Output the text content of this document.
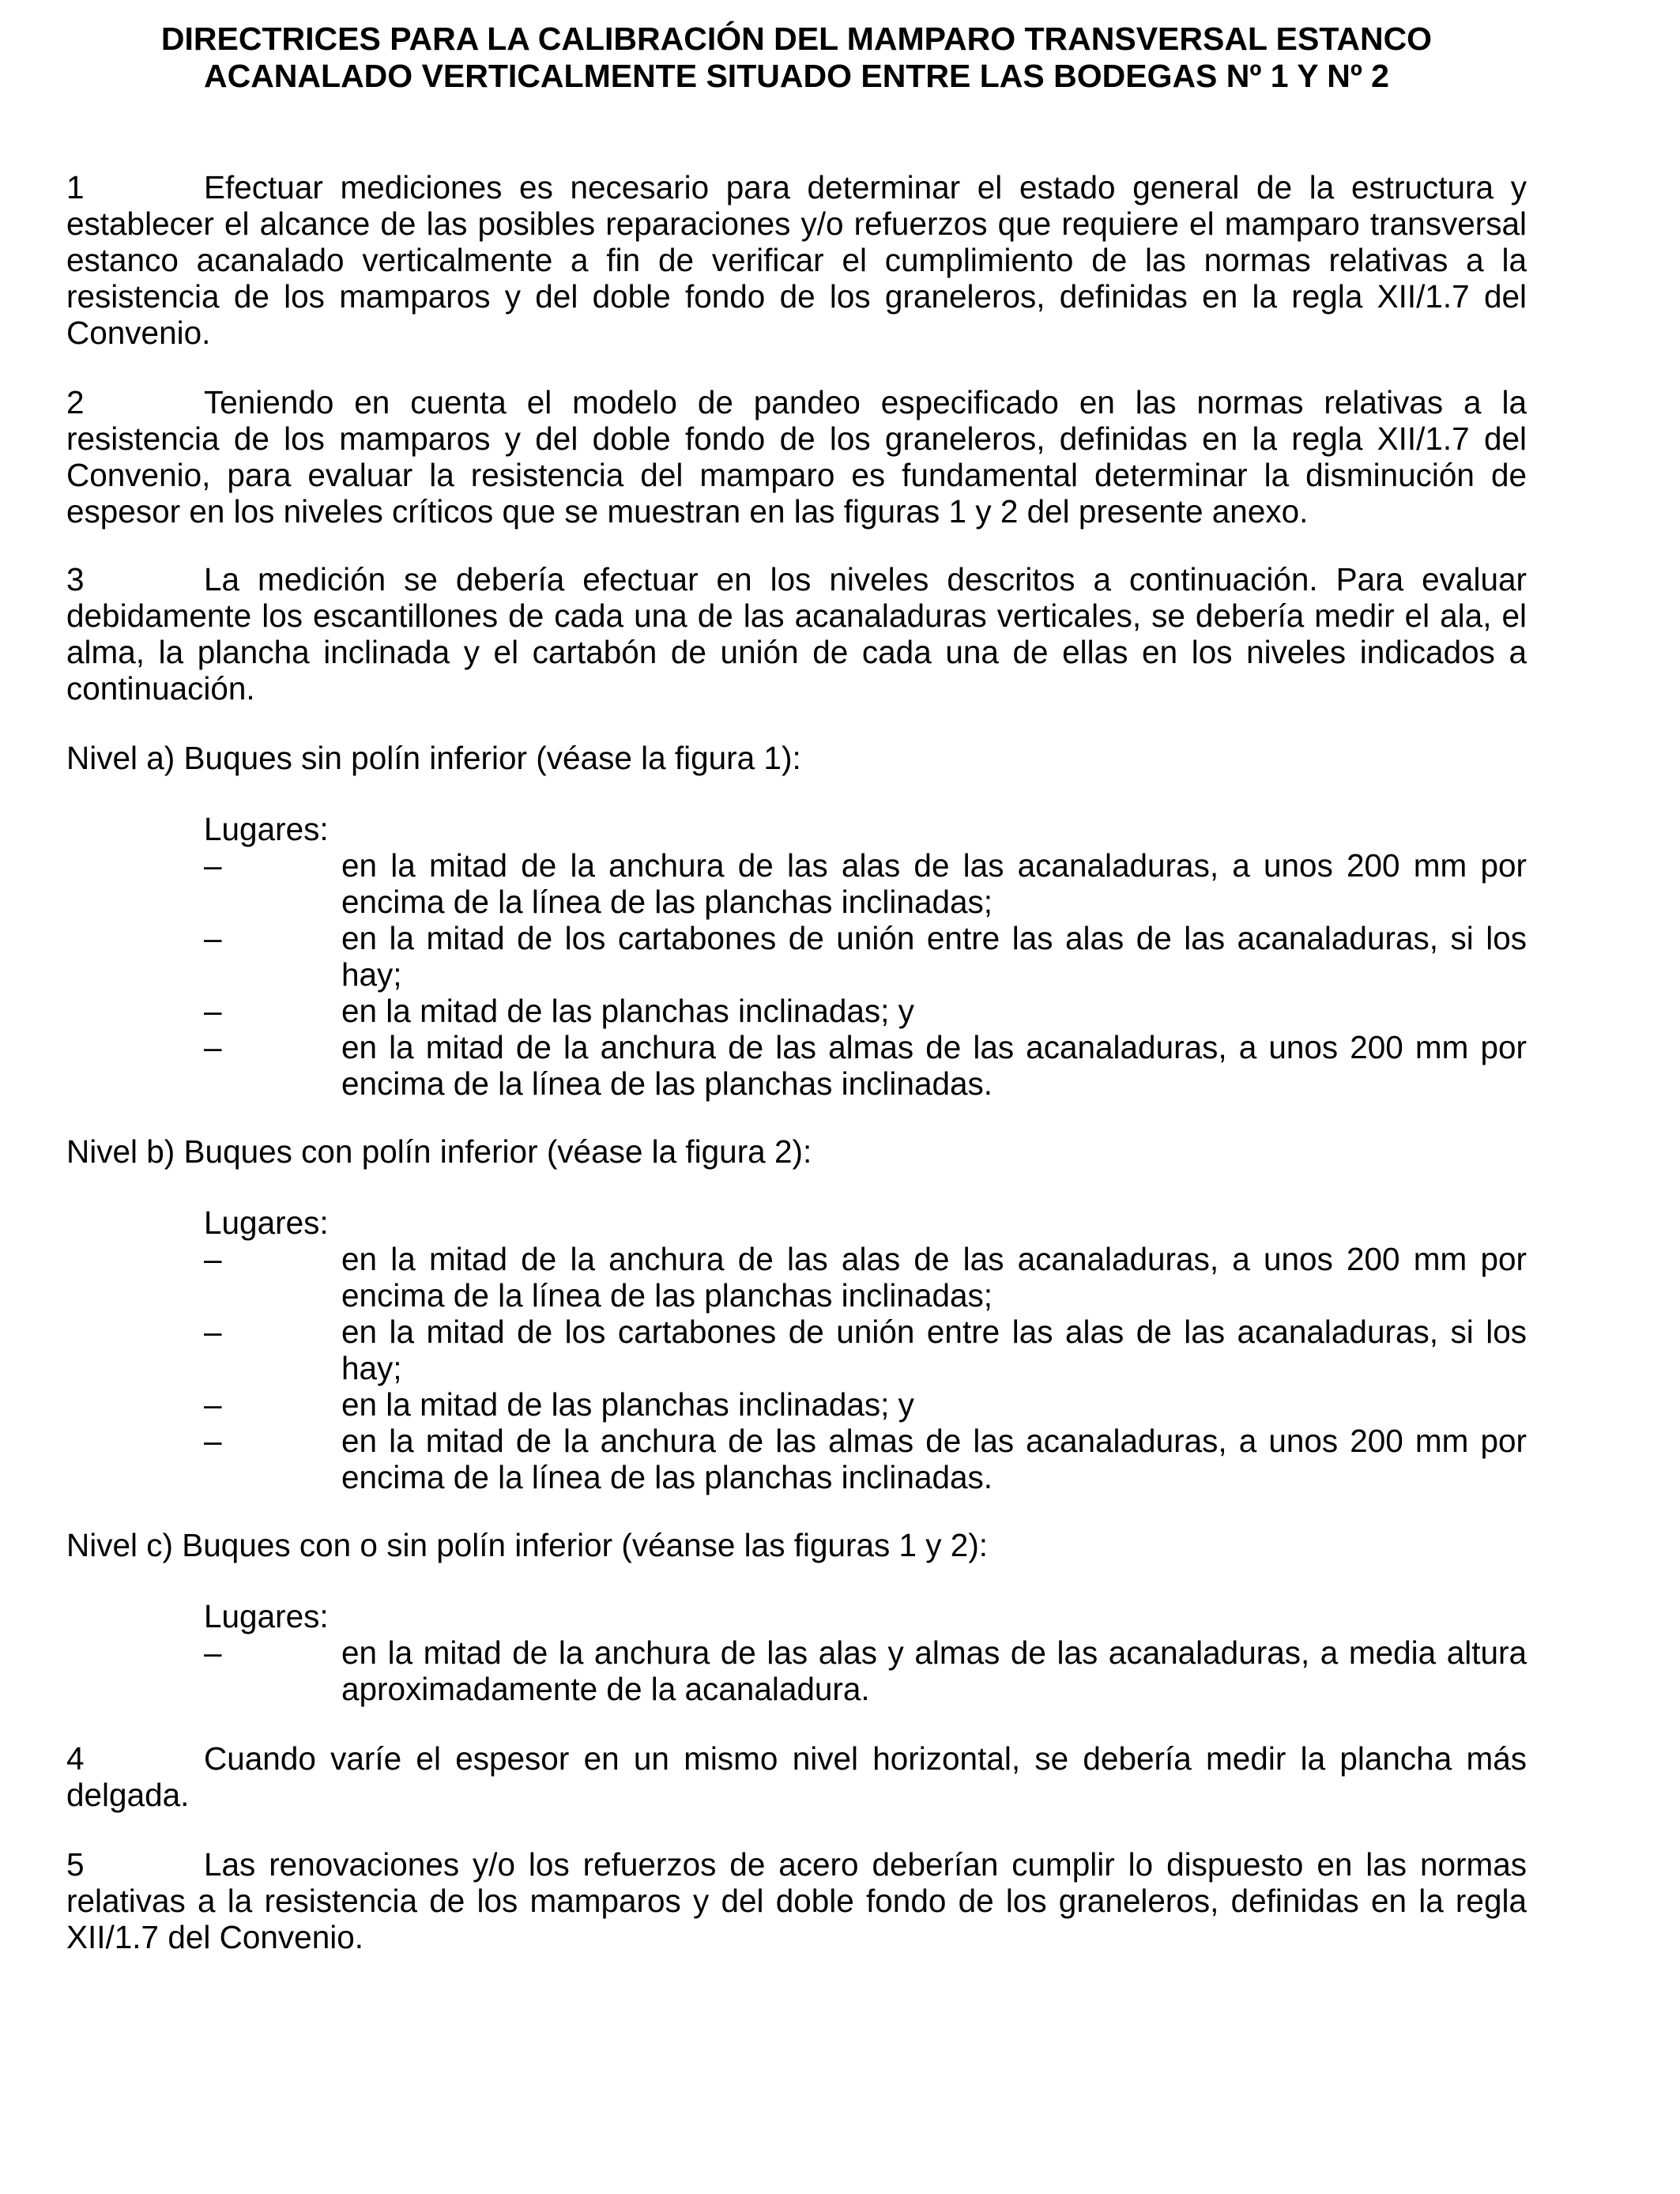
DIRECTRICES PARA LA CALIBRACIÓN DEL MAMPARO TRANSVERSAL ESTANCO
ACANALADO VERTICALMENTE SITUADO ENTRE LAS BODEGAS Nº 1 Y Nº 2

1	Efectuar mediciones es necesario para determinar el estado general de la estructura y establecer el alcance de las posibles reparaciones y/o refuerzos que requiere el mamparo transversal estanco acanalado verticalmente a fin de verificar el cumplimiento de las normas relativas a la resistencia de los mamparos y del doble fondo de los graneleros, definidas en la regla XII/1.7 del Convenio.

2	Teniendo en cuenta el modelo de pandeo especificado en las normas relativas a la resistencia de los mamparos y del doble fondo de los graneleros, definidas en la regla XII/1.7 del Convenio, para evaluar la resistencia del mamparo es fundamental determinar la disminución de espesor en los niveles críticos que se muestran en las figuras 1 y 2 del presente anexo.

3	La medición se debería efectuar en los niveles descritos a continuación. Para evaluar debidamente los escantillones de cada una de las acanaladuras verticales, se debería medir el ala, el alma, la plancha inclinada y el cartabón de unión de cada una de ellas en los niveles indicados a continuación.

Nivel a) Buques sin polín inferior (véase la figura 1):

Lugares:

–	en la mitad de la anchura de las alas de las acanaladuras, a unos 200 mm por encima de la línea de las planchas inclinadas;
–	en la mitad de los cartabones de unión entre las alas de las acanaladuras, si los hay;
–	en la mitad de las planchas inclinadas; y
–	en la mitad de la anchura de las almas de las acanaladuras, a unos 200 mm por encima de la línea de las planchas inclinadas.

Nivel b) Buques con polín inferior (véase la figura 2):

Lugares:

–	en la mitad de la anchura de las alas de las acanaladuras, a unos 200 mm por encima de la línea de las planchas inclinadas;
–	en la mitad de los cartabones de unión entre las alas de las acanaladuras, si los hay;
–	en la mitad de las planchas inclinadas; y
–	en la mitad de la anchura de las almas de las acanaladuras, a unos 200 mm por encima de la línea de las planchas inclinadas.

Nivel c) Buques con o sin polín inferior (véanse las figuras 1 y 2):

Lugares:

–	en la mitad de la anchura de las alas y almas de las acanaladuras, a media altura aproximadamente de la acanaladura.

4	Cuando varíe el espesor en un mismo nivel horizontal, se debería medir la plancha más delgada.

5	Las renovaciones y/o los refuerzos de acero deberían cumplir lo dispuesto en las normas relativas a la resistencia de los mamparos y del doble fondo de los graneleros, definidas en la regla XII/1.7 del Convenio.
